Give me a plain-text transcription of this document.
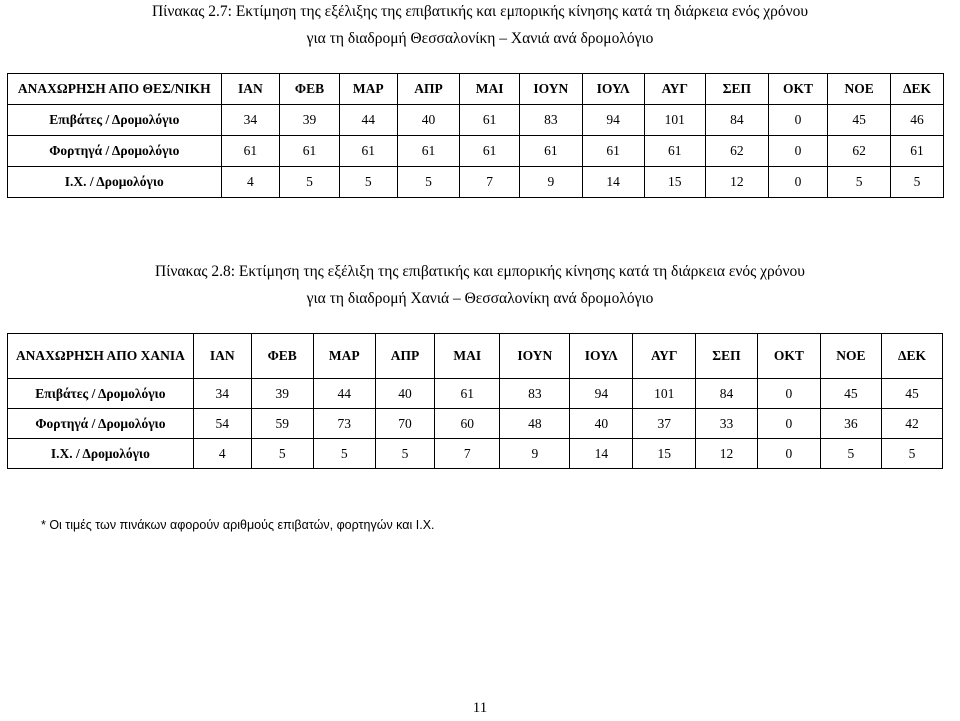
Πίνακας 2.7: Εκτίμηση της εξέλιξης της επιβατικής και εμπορικής κίνησης κατά τη διάρκεια ενός χρόνου
για τη διαδρομή Θεσσαλονίκη – Χανιά ανά δρομολόγιο
ΑΝΑΧΩΡΗΣΗ ΑΠΟ ΘΕΣ/ΝΙΚΗ	ΙΑΝ	ΦΕΒ	ΜΑΡ	ΑΠΡ	ΜΑΙ	ΙΟΥΝ	ΙΟΥΛ	ΑΥΓ	ΣΕΠ	ΟΚΤ	ΝΟΕ	ΔΕΚ
Επιβάτες / Δρομολόγιο	34	39	44	40	61	83	94	101	84	0	45	46
Φορτηγά / Δρομολόγιο	61	61	61	61	61	61	61	61	62	0	62	61
Ι.Χ. / Δρομολόγιο	4	5	5	5	7	9	14	15	12	0	5	5
Πίνακας 2.8: Εκτίμηση της εξέλιξη της επιβατικής και εμπορικής κίνησης κατά τη διάρκεια ενός χρόνου
για τη διαδρομή Χανιά – Θεσσαλονίκη ανά δρομολόγιο
ΑΝΑΧΩΡΗΣΗ ΑΠΟ ΧΑΝΙΑ	ΙΑΝ	ΦΕΒ	ΜΑΡ	ΑΠΡ	ΜΑΙ	ΙΟΥΝ	ΙΟΥΛ	ΑΥΓ	ΣΕΠ	ΟΚΤ	ΝΟΕ	ΔΕΚ
Επιβάτες / Δρομολόγιο	34	39	44	40	61	83	94	101	84	0	45	45
Φορτηγά / Δρομολόγιο	54	59	73	70	60	48	40	37	33	0	36	42
Ι.Χ. / Δρομολόγιο	4	5	5	5	7	9	14	15	12	0	5	5
* Οι τιμές των πινάκων αφορούν αριθμούς επιβατών, φορτηγών και Ι.Χ.
11
